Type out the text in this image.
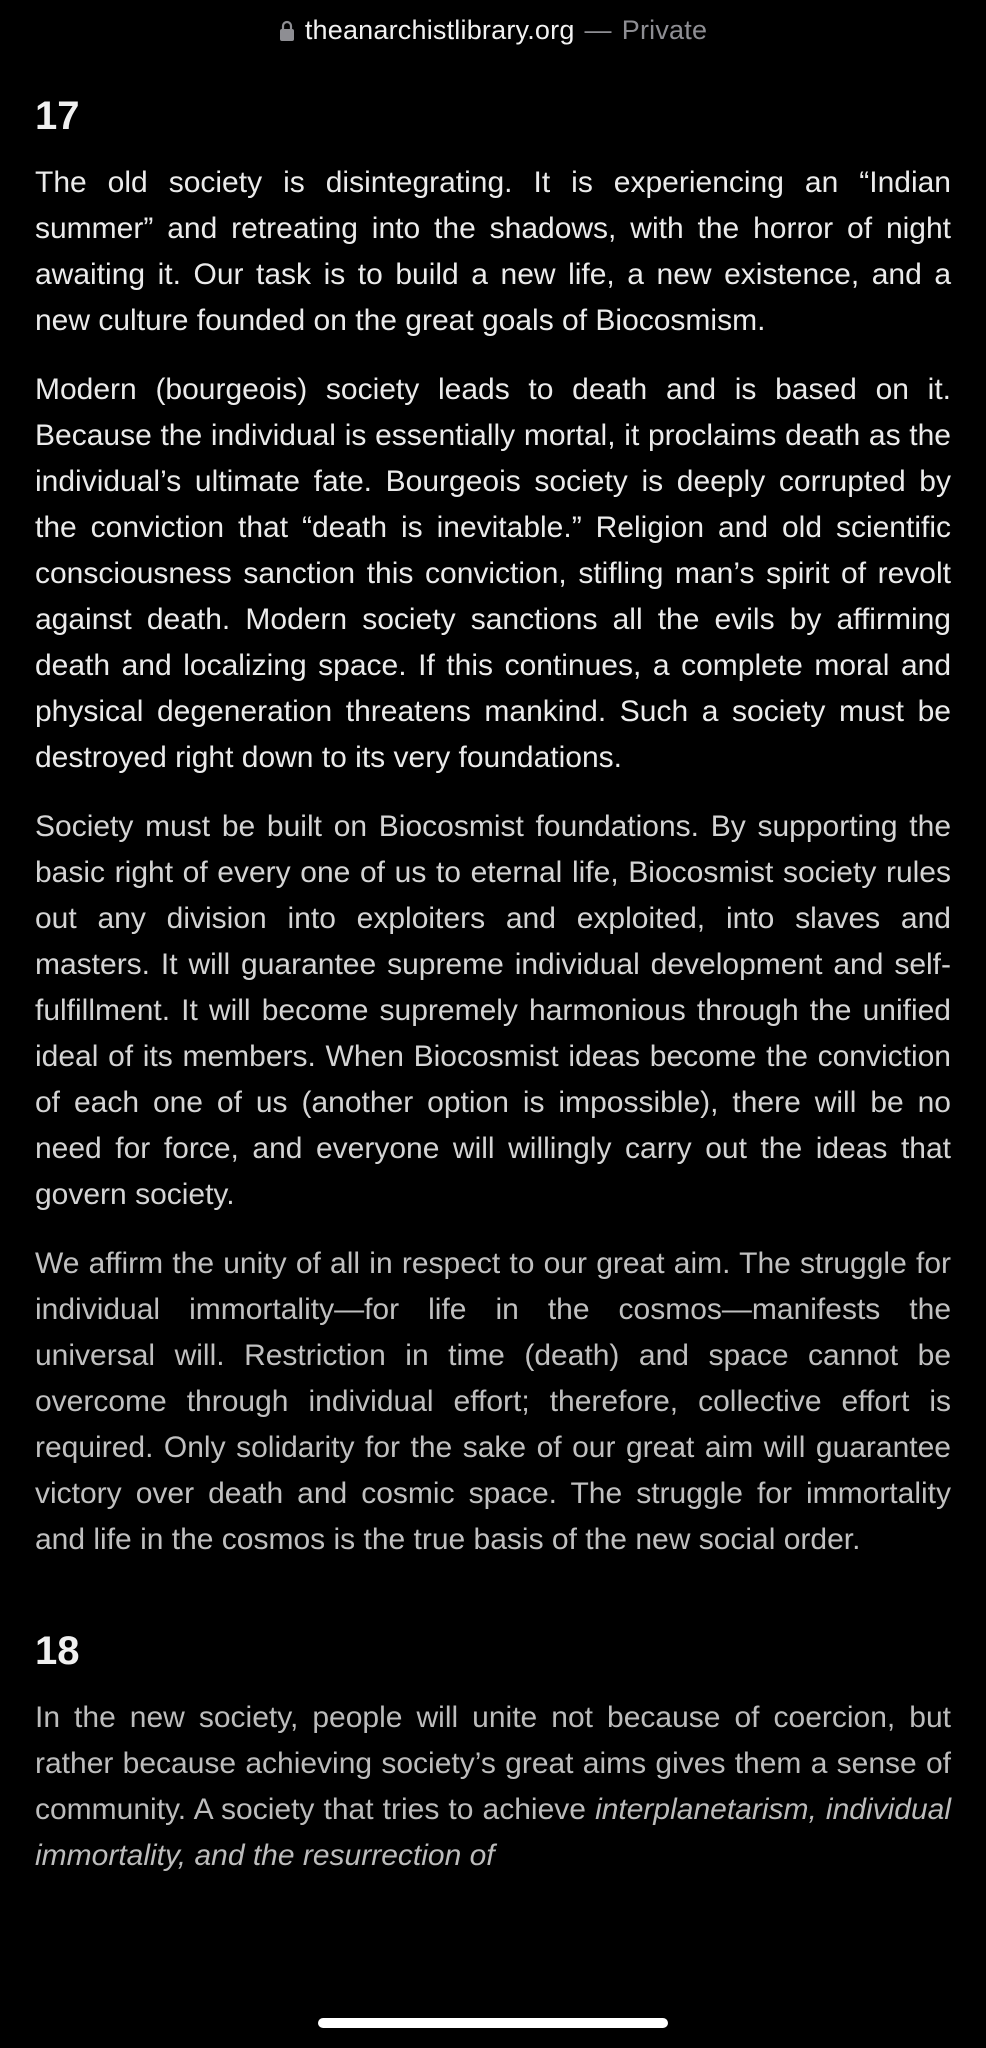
theanarchistlibrary.org — Private
17

The old society is disintegrating. It is experiencing an “Indian summer” and retreating into the shadows, with the horror of night awaiting it. Our task is to build a new life, a new existence, and a new culture founded on the great goals of Biocosmism.

Modern (bourgeois) society leads to death and is based on it. Because the individual is essentially mortal, it proclaims death as the individual’s ultimate fate. Bourgeois society is deeply corrupted by the conviction that “death is inevitable.” Religion and old scientific consciousness sanction this conviction, stifling man’s spirit of revolt against death. Modern society sanctions all the evils by affirming death and localizing space. If this continues, a complete moral and physical degeneration threatens mankind. Such a society must be destroyed right down to its very foundations.

Society must be built on Biocosmist foundations. By supporting the basic right of every one of us to eternal life, Biocosmist society rules out any division into exploiters and exploited, into slaves and masters. It will guarantee supreme individual development and self-fulfillment. It will become supremely harmonious through the unified ideal of its members. When Biocosmist ideas become the conviction of each one of us (another option is impossible), there will be no need for force, and everyone will willingly carry out the ideas that govern society.

We affirm the unity of all in respect to our great aim. The struggle for individual immortality—for life in the cosmos—manifests the universal will. Restriction in time (death) and space cannot be overcome through individual effort; therefore, collective effort is required. Only solidarity for the sake of our great aim will guarantee victory over death and cosmic space. The struggle for immortality and life in the cosmos is the true basis of the new social order.

18

In the new society, people will unite not because of coercion, but rather because achieving society’s great aims gives them a sense of community. A society that tries to achieve interplanetarism, individual immortality, and the resurrection of
